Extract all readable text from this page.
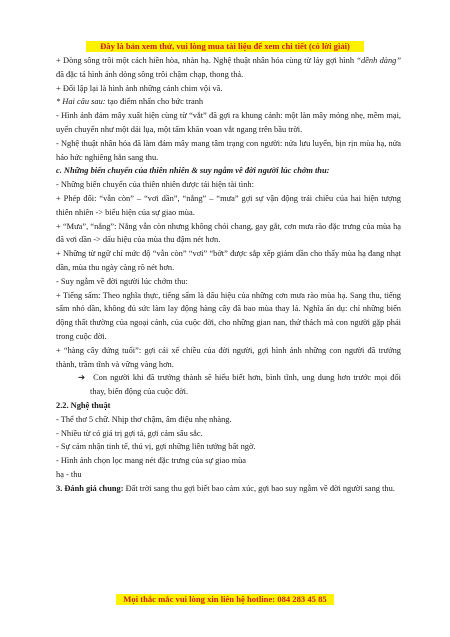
Đây là bản xem thử, vui lòng mua tài liệu để xem chi tiết (có lời giải)
+ Dòng sông trôi một cách hiền hòa, nhàn hạ. Nghệ thuật nhân hóa cùng từ láy gợi hình “dềnh dàng” đã đặc tả hình ảnh dòng sông trôi chậm chạp, thong thả.
+ Đối lập lại là hình ảnh những cánh chim vội vã.
* Hai câu sau: tạo điểm nhấn cho bức tranh
- Hình ảnh đám mây xuất hiện cùng từ “vắt” đã gợi ra khung cảnh: một làn mây mỏng nhẹ, mềm mại, uyển chuyển như một dải lụa, một tấm khăn voan vắt ngang trên bầu trời.
- Nghệ thuật nhân hóa đã làm đám mây mang tâm trạng con người: nửa lưu luyến, bịn rịn mùa hạ, nửa háo hức nghiêng hẳn sang thu.
c. Những biến chuyển của thiên nhiên & suy ngẫm về đời người lúc chớm thu:
- Những biến chuyển của thiên nhiên được tái hiện tài tình:
+ Phép đối: “vẫn còn” – “vơi dần”, “nắng” – “mưa” gợi sự vận động trái chiều của hai hiện tượng thiên nhiên -> biểu hiện của sự giao mùa.
+ “Mưa”, “nắng”: Nắng vẫn còn nhưng không chói chang, gay gắt, cơn mưa rào đặc trưng của mùa hạ đã vơi dần -> dấu hiệu của mùa thu đậm nét hơn.
+ Những từ ngữ chỉ mức độ “vẫn còn” “vơi” “bớt” được sắp xếp giảm dần cho thấy mùa hạ đang nhạt dần, mùa thu ngày càng rõ nét hơn.
- Suy ngẫm về đời người lúc chớm thu:
+ Tiếng sấm: Theo nghĩa thực, tiếng sấm là dấu hiệu của những cơn mưa rào mùa hạ. Sang thu, tiếng sấm nhỏ dần, không đủ sức làm lay động hàng cây đã bao mùa thay lá. Nghĩa ẩn dụ: chỉ những biến động thất thường của ngoại cảnh, của cuộc đời, cho những gian nan, thử thách mà con người gặp phải trong cuộc đời.
+ “hàng cây đứng tuổi”: gợi cái xế chiều của đời người, gợi hình ảnh những con người đã trưởng thành, trầm tĩnh và vững vàng hơn.
➔ Con người khi đã trưởng thành sẽ hiểu biết hơn, bình tĩnh, ung dung hơn trước mọi đổi thay, biến động của cuộc đời.
2.2. Nghệ thuật
- Thể thơ 5 chữ. Nhịp thơ chậm, âm điệu nhẹ nhàng.
- Nhiều từ có giá trị gợi tả, gợi cảm sâu sắc.
- Sự cảm nhận tinh tế, thú vị, gợi những liên tưởng bất ngờ.
- Hình ảnh chọn lọc mang nét đặc trưng của sự giao mùa
hạ - thu
3. Đánh giá chung: Đất trời sang thu gợi biết bao cảm xúc, gợi bao suy ngẫm về đời người sang thu.
Mọi thắc mắc vui lòng xin liên hệ hotline: 084 283 45 85
